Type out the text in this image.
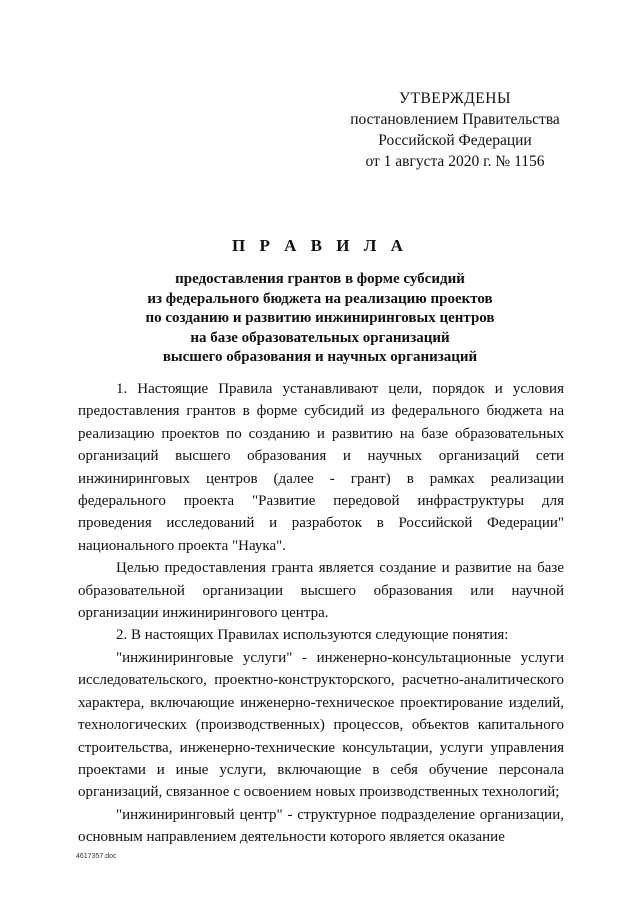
УТВЕРЖДЕНЫ
постановлением Правительства
Российской Федерации
от 1 августа 2020 г. № 1156
П Р А В И Л А
предоставления грантов в форме субсидий
из федерального бюджета на реализацию проектов
по созданию и развитию инжиниринговых центров
на базе образовательных организаций
высшего образования и научных организаций

1. Настоящие Правила устанавливают цели, порядок и условия предоставления грантов в форме субсидий из федерального бюджета на реализацию проектов по созданию и развитию на базе образовательных организаций высшего образования и научных организаций сети инжиниринговых центров (далее - грант) в рамках реализации федерального проекта "Развитие передовой инфраструктуры для проведения исследований и разработок в Российской Федерации" национального проекта "Наука".

Целью предоставления гранта является создание и развитие на базе образовательной организации высшего образования или научной организации инжинирингового центра.

2. В настоящих Правилах используются следующие понятия:

"инжиниринговые услуги" - инженерно-консультационные услуги исследовательского, проектно-конструкторского, расчетно-аналитического характера, включающие инженерно-техническое проектирование изделий, технологических (производственных) процессов, объектов капитального строительства, инженерно-технические консультации, услуги управления проектами и иные услуги, включающие в себя обучение персонала организаций, связанное с освоением новых производственных технологий;

"инжиниринговый центр" - структурное подразделение организации, основным направлением деятельности которого является оказание

4617357.doc
